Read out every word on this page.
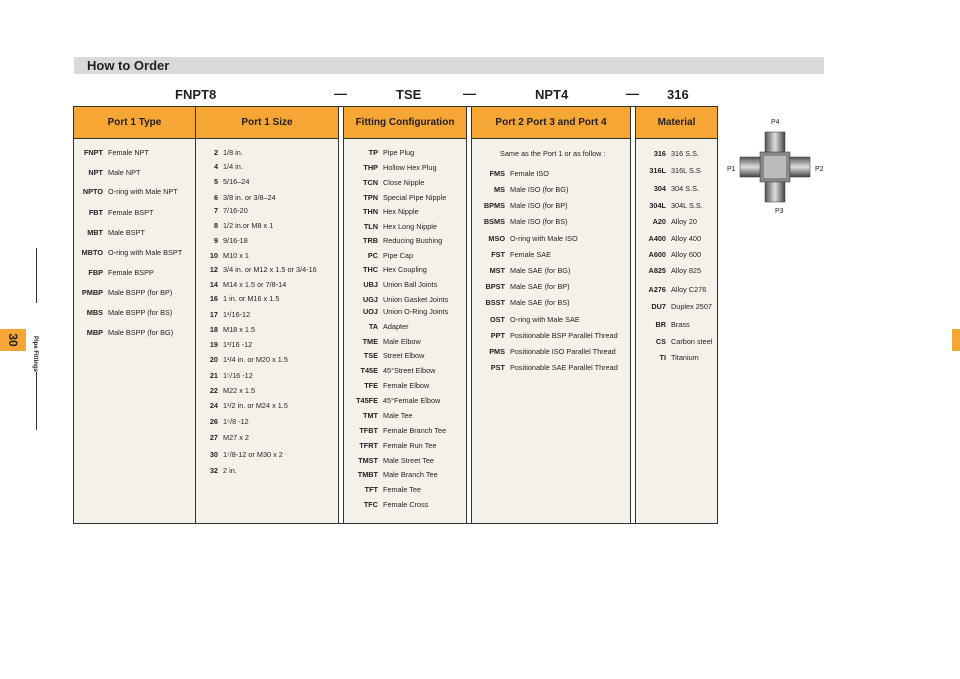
How to Order
FNPT8	—	TSE	—	NPT4	— 316
Port 1 Type	Port 1 Size	Fitting Configuration	Port 2 Port 3 and Port 4	Material
FNPT Female NPT
NPT Male NPT
NPTO O-ring with Male NPT
FBT Female BSPT
MBT Male BSPT
MBTO O-ring with Male BSPT
FBP Female BSPP
PMBP Male BSPP (for BP)
MBS Male BSPP (for BS)
MBP Male BSPP (for BG)
2 1/8 in.
4 1/4 in.
5 5/16–24
6 3/8 in. or 3/8–24
7 7/16-20
8 1/2 in.or M8 x 1
9 9/16-18
10 M10 x 1
12 3/4 in. or M12 x 1.5 or 3/4-16
14 M14 x 1.5 or 7/8-14
16 1 in. or M16 x 1.5
17 1¹/16-12
18 M18 x 1.5
19 1³/16 -12
20 1¹/4 in. or M20 x 1.5
21 1⁵/16 -12
22 M22 x 1.5
24 1¹/2 in. or M24 x 1.5
26 1⁵/8 -12
27 M27 x 2
30 1⁷/8-12 or M30 x 2
32 2 in.
TP Pipe Plug
THP Hollow Hex Plug
TCN Close Nipple
TPN Special Pipe Nipple
THN Hex Nipple
TLN Hex Long Nipple
TRB Reducing Bushing
PC Pipe Cap
THC Hex Coupling
UBJ Union Ball Joints
UGJ Union Gasket Joints
UOJ Union O-Ring Joints
TA Adapter
TME Male Elbow
TSE Street Elbow
T45E 45°Street Elbow
TFE Female Elbow
T45FE 45°Female Elbow
TMT Male Tee
TFBT Female Branch Tee
TFRT Female Run Tee
TMST Male Street Tee
TMBT Male Branch Tee
TFT Female Tee
TFC Female Cross
Same as the Port 1 or as follow :
FMS Female ISO
MS Male ISO (for BG)
BPMS Male ISO (for BP)
BSMS Male ISO (for BS)
MSO O-ring with Male ISO
FST Female SAE
MST Male SAE (for BG)
BPST Male SAE (for BP)
BSST Male SAE (for BS)
OST O-ring with Male SAE
PPT Positionable BSP Parallel Thread
PMS Positionable ISO Parallel Thread
PST Positionable SAE Parallel Thread
316 316 S.S.
316L 316L S.S
304 304 S.S.
304L 304L S.S.
A20 Alloy 20
A400 Alloy 400
A600 Alloy 600
A825 Alloy 825
A276 Alloy C276
DU7 Duplex 2507
BR Brass
CS Carbon steel
TI Titanium
P4
P1	P2
P3
30	Pipe Fittings
